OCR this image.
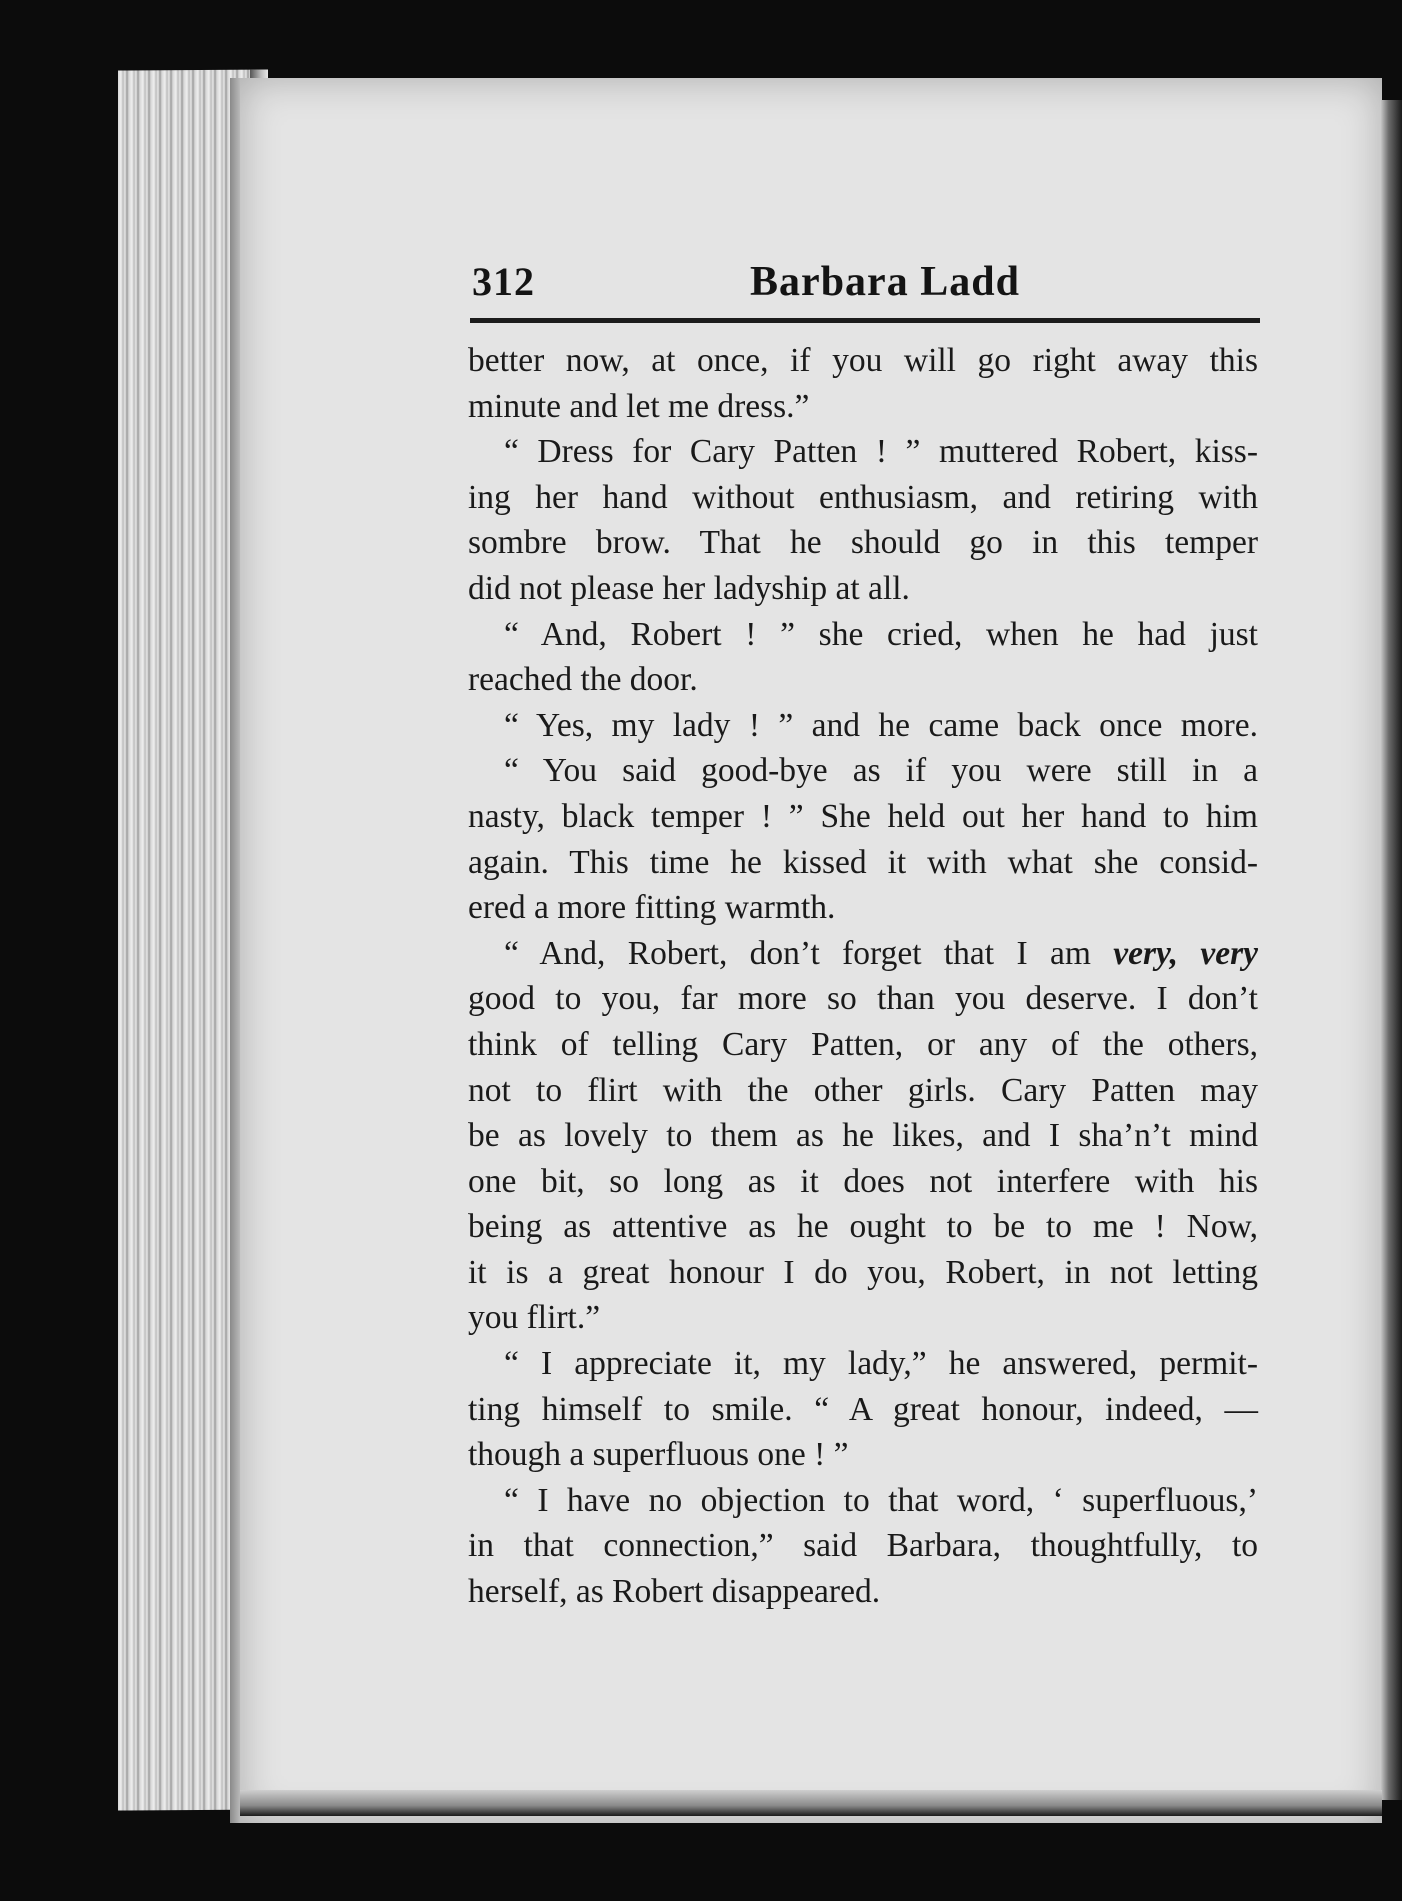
312	Barbara Ladd
better now, at once, if you will go right away this
minute and let me dress.”
“ Dress for Cary Patten ! ” muttered Robert, kiss-
ing her hand without enthusiasm, and retiring with
sombre brow. That he should go in this temper
did not please her ladyship at all.
“ And, Robert ! ” she cried, when he had just
reached the door.
“ Yes, my lady ! ” and he came back once more.
“ You said good-bye as if you were still in a
nasty, black temper ! ” She held out her hand to him
again. This time he kissed it with what she consid-
ered a more fitting warmth.
“ And, Robert, don’t forget that I am very, very
good to you, far more so than you deserve. I don’t
think of telling Cary Patten, or any of the others,
not to flirt with the other girls. Cary Patten may
be as lovely to them as he likes, and I sha’n’t mind
one bit, so long as it does not interfere with his
being as attentive as he ought to be to me ! Now,
it is a great honour I do you, Robert, in not letting
you flirt.”
“ I appreciate it, my lady,” he answered, permit-
ting himself to smile. “ A great honour, indeed, —
though a superfluous one ! ”
“ I have no objection to that word, ‘ superfluous,’
in that connection,” said Barbara, thoughtfully, to
herself, as Robert disappeared.
